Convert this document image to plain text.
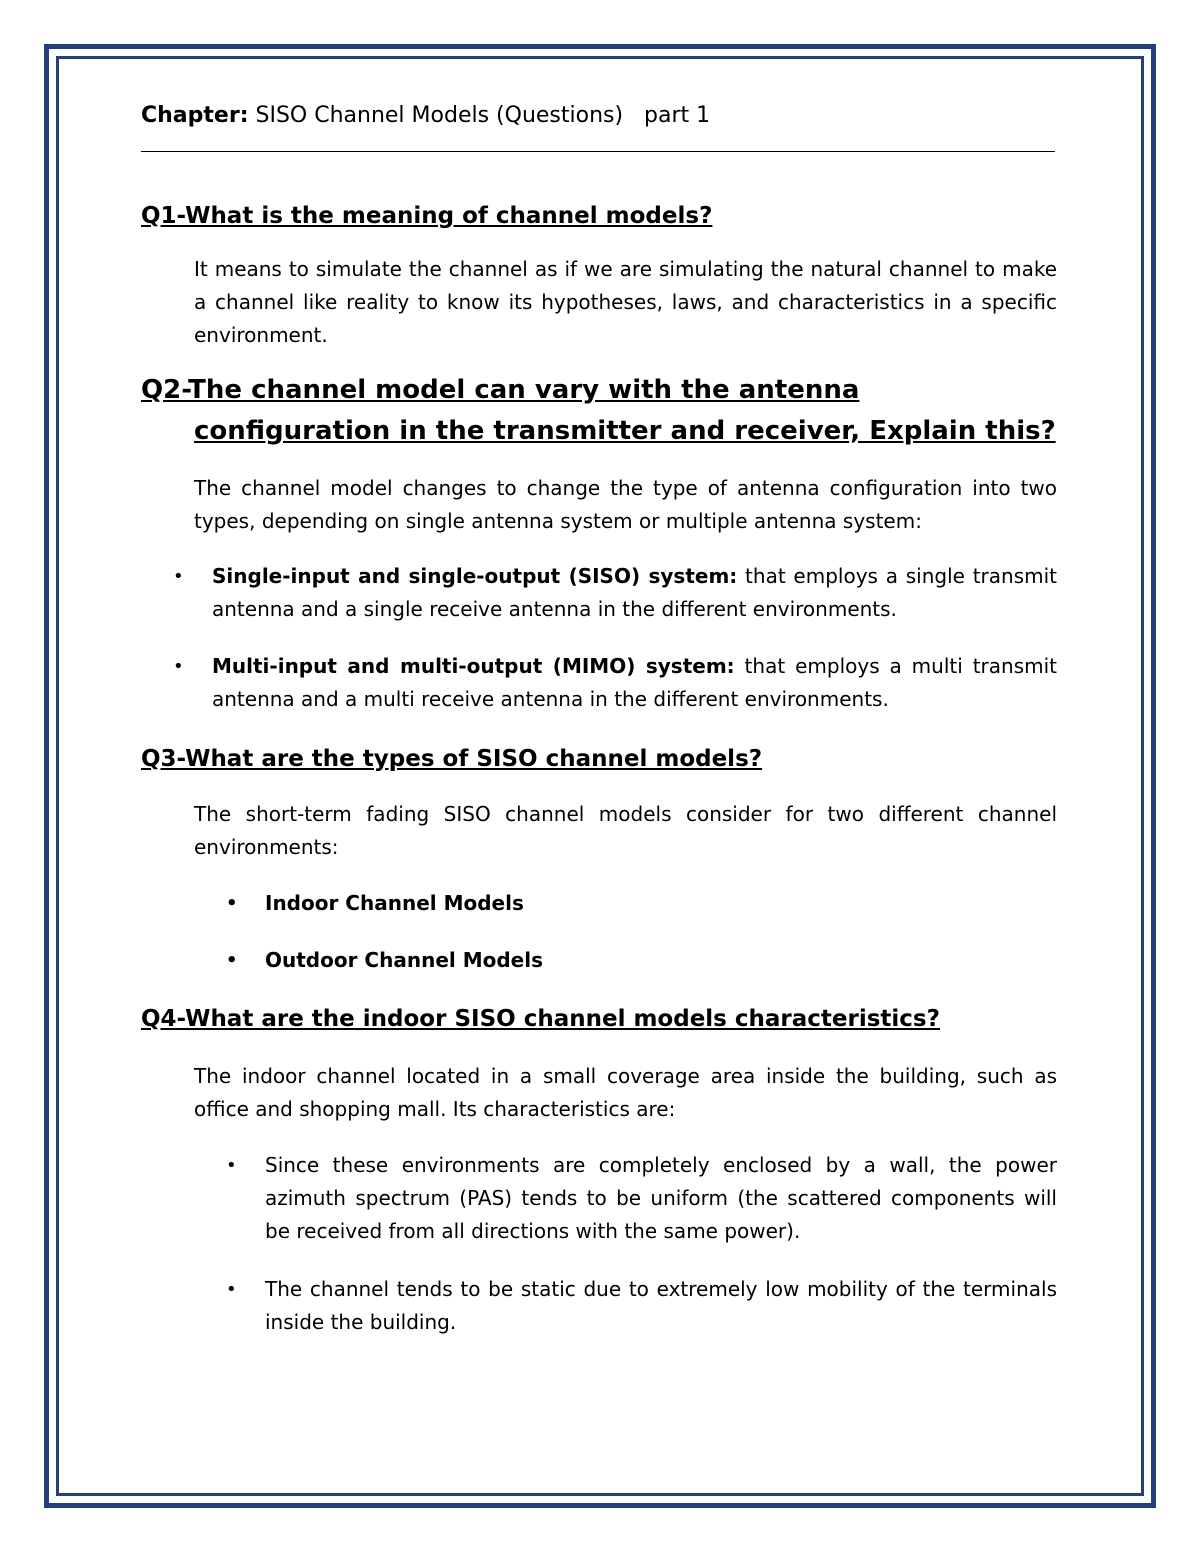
Chapter: SISO Channel Models (Questions)   part 1

Q1-What is the meaning of channel models?

It means to simulate the channel as if we are simulating the natural channel to make a channel like reality to know its hypotheses, laws, and characteristics in a specific environment.

Q2-The channel model can vary with the antenna configuration in the transmitter and receiver, Explain this?

The channel model changes to change the type of antenna configuration into two types, depending on single antenna system or multiple antenna system:

• Single-input and single-output (SISO) system: that employs a single transmit antenna and a single receive antenna in the different environments.
• Multi-input and multi-output (MIMO) system: that employs a multi transmit antenna and a multi receive antenna in the different environments.

Q3-What are the types of SISO channel models?

The short-term fading SISO channel models consider for two different channel environments:

• Indoor Channel Models
• Outdoor Channel Models

Q4-What are the indoor SISO channel models characteristics?

The indoor channel located in a small coverage area inside the building, such as office and shopping mall. Its characteristics are:

• Since these environments are completely enclosed by a wall, the power azimuth spectrum (PAS) tends to be uniform (the scattered components will be received from all directions with the same power).
• The channel tends to be static due to extremely low mobility of the terminals inside the building.
